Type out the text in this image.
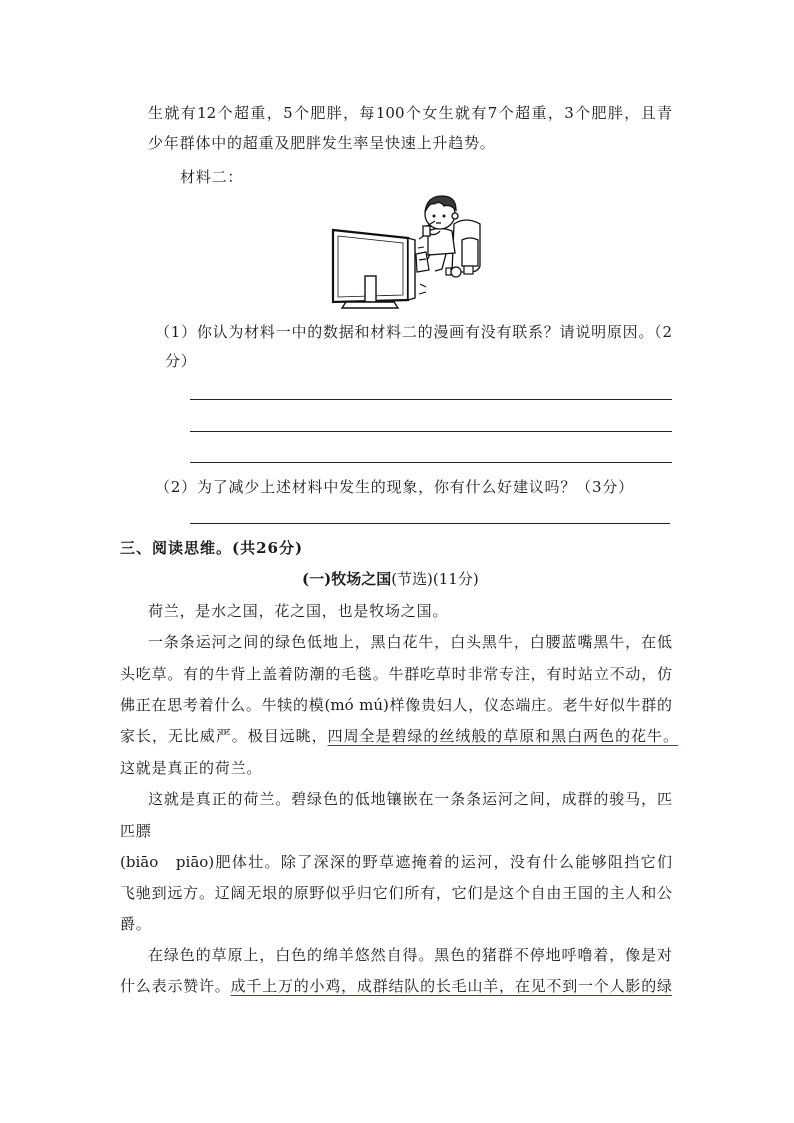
生就有12个超重，5个肥胖，每100个女生就有7个超重，3个肥胖，且青
少年群体中的超重及肥胖发生率呈快速上升趋势。
材料二：
（1）你认为材料一中的数据和材料二的漫画有没有联系？请说明原因。（2
分）
（2）为了减少上述材料中发生的现象，你有什么好建议吗？（3分）
三、阅读思维。(共26分)
(一)牧场之国(节选)(11分)
荷兰，是水之国，花之国，也是牧场之国。
一条条运河之间的绿色低地上，黑白花牛，白头黑牛，白腰蓝嘴黑牛，在低
头吃草。有的牛背上盖着防潮的毛毯。牛群吃草时非常专注，有时站立不动，仿
佛正在思考着什么。牛犊的模(mó mú)样像贵妇人，仪态端庄。老牛好似牛群的
家长，无比威严。极目远眺，四周全是碧绿的丝绒般的草原和黑白两色的花牛。
这就是真正的荷兰。
这就是真正的荷兰。碧绿色的低地镶嵌在一条条运河之间，成群的骏马，匹
匹膘
(biāo　piāo)肥体壮。除了深深的野草遮掩着的运河，没有什么能够阻挡它们
飞驰到远方。辽阔无垠的原野似乎归它们所有，它们是这个自由王国的主人和公
爵。
在绿色的草原上，白色的绵羊悠然自得。黑色的猪群不停地呼噜着，像是对
什么表示赞许。成千上万的小鸡，成群结队的长毛山羊，在见不到一个人影的绿
